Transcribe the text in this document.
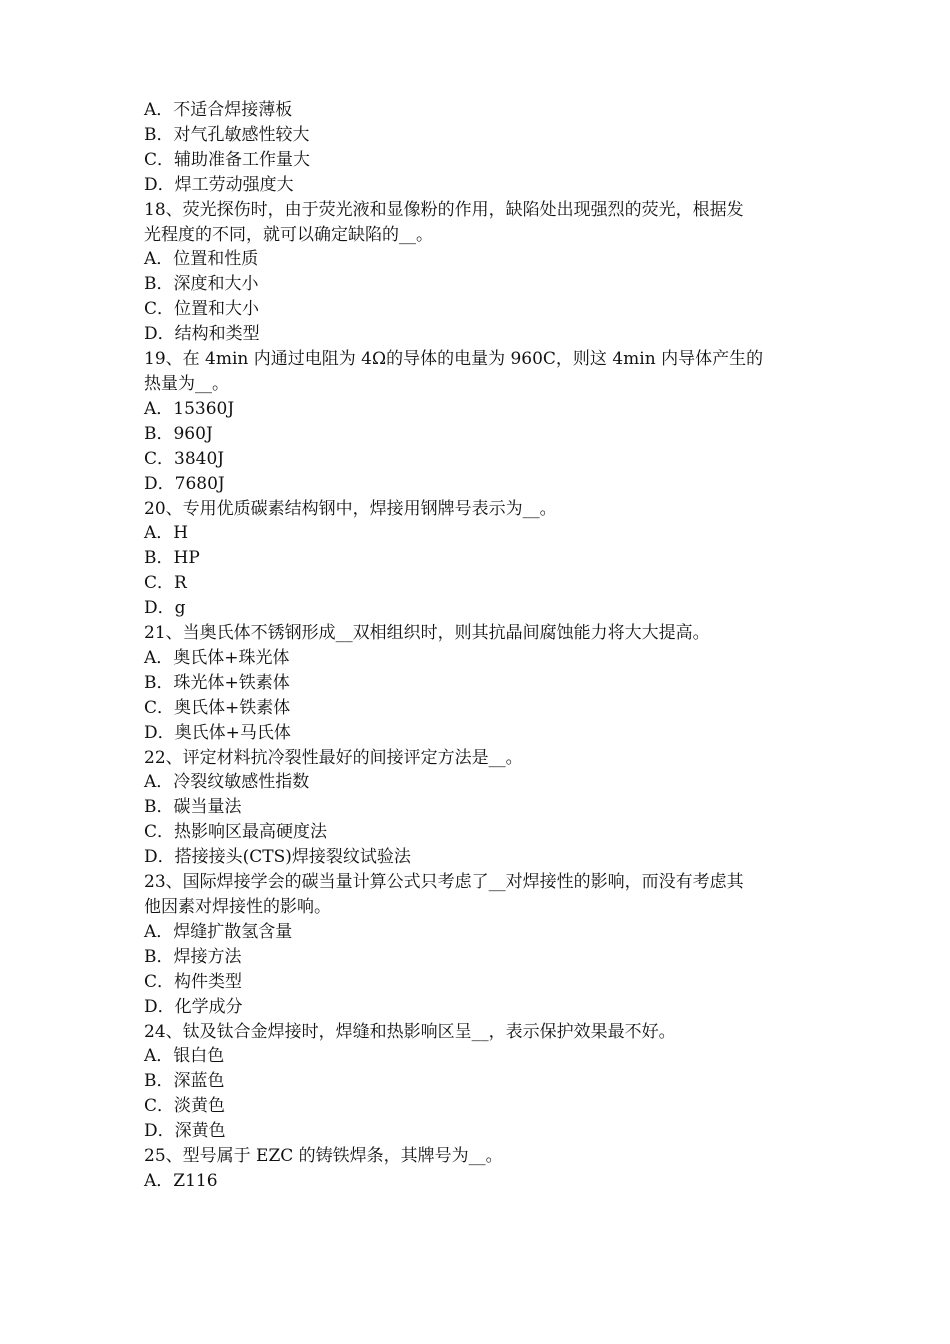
A．不适合焊接薄板

B．对气孔敏感性较大

C．辅助准备工作量大

D．焊工劳动强度大

18、荧光探伤时，由于荧光液和显像粉的作用，缺陷处出现强烈的荧光，根据发

光程度的不同，就可以确定缺陷的__。

A．位置和性质

B．深度和大小

C．位置和大小

D．结构和类型

19、在 4min 内通过电阻为 4Ω的导体的电量为 960C，则这 4min 内导体产生的

热量为__。

A．15360J

B．960J

C．3840J

D．7680J

20、专用优质碳素结构钢中，焊接用钢牌号表示为__。

A．H

B．HP

C．R

D．g

21、当奥氏体不锈钢形成__双相组织时，则其抗晶间腐蚀能力将大大提高。

A．奥氏体+珠光体

B．珠光体+铁素体

C．奥氏体+铁素体

D．奥氏体+马氏体

22、评定材料抗冷裂性最好的间接评定方法是__。

A．冷裂纹敏感性指数

B．碳当量法

C．热影响区最高硬度法

D．搭接接头(CTS)焊接裂纹试验法

23、国际焊接学会的碳当量计算公式只考虑了__对焊接性的影响，而没有考虑其

他因素对焊接性的影响。

A．焊缝扩散氢含量

B．焊接方法

C．构件类型

D．化学成分

24、钛及钛合金焊接时，焊缝和热影响区呈__，表示保护效果最不好。

A．银白色

B．深蓝色

C．淡黄色

D．深黄色

25、型号属于 EZC 的铸铁焊条，其牌号为__。

A．Z116
